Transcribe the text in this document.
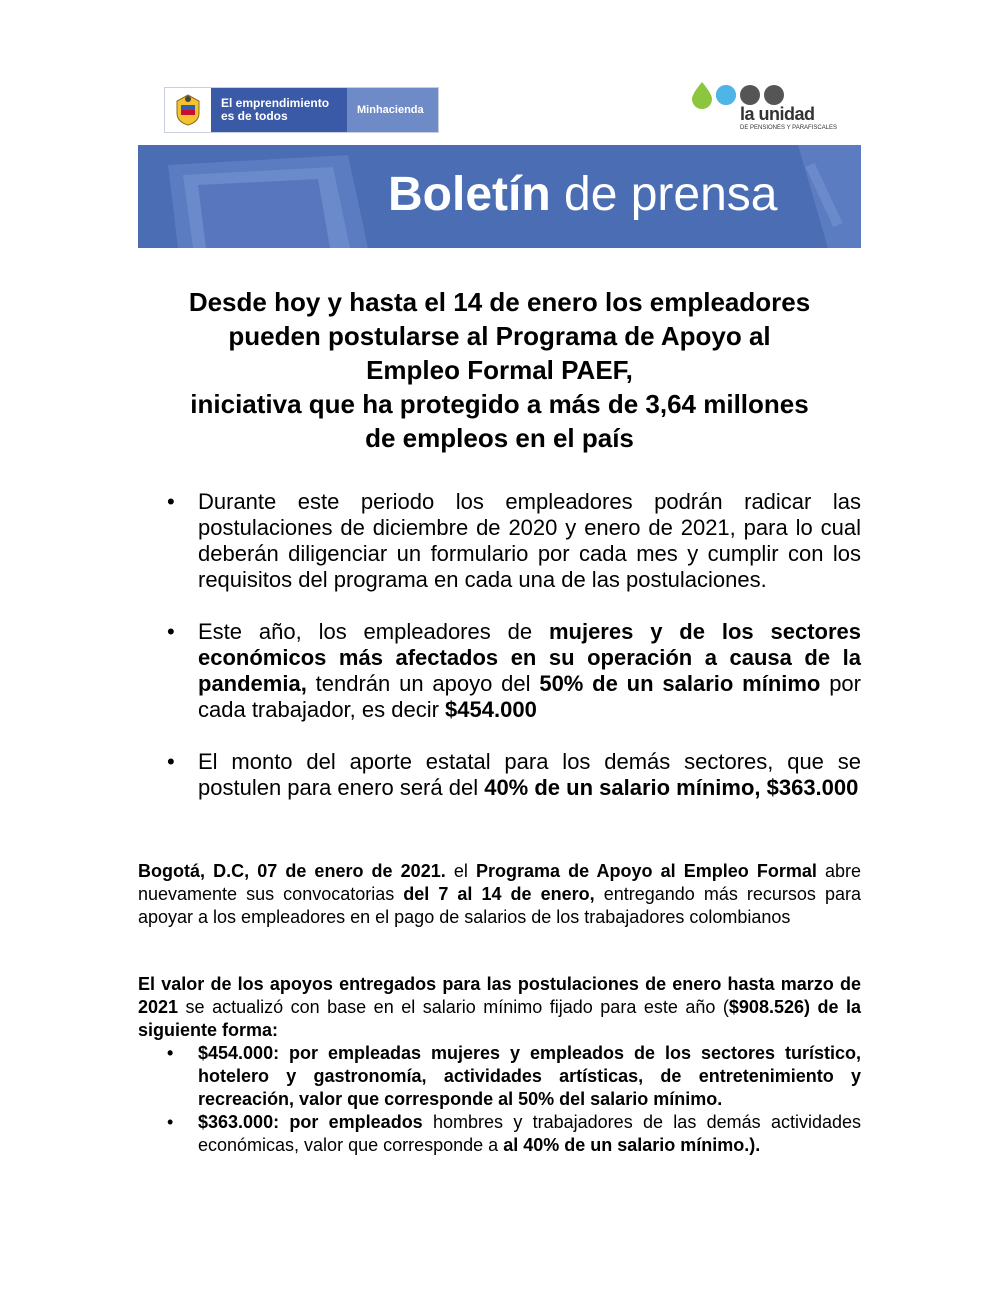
El emprendimiento
es de todos	Minhacienda	la unidad
DE PENSIONES Y PARAFISCALES
Boletín de prensa
Desde hoy y hasta el 14 de enero los empleadores
pueden postularse al Programa de Apoyo al
Empleo Formal PAEF,
iniciativa que ha protegido a más de 3,64 millones
de empleos en el país
• Durante este periodo los empleadores podrán radicar las postulaciones de diciembre de 2020 y enero de 2021, para lo cual deberán diligenciar un formulario por cada mes y cumplir con los requisitos del programa en cada una de las postulaciones.
• Este año, los empleadores de mujeres y de los sectores económicos más afectados en su operación a causa de la pandemia, tendrán un apoyo del 50% de un salario mínimo por cada trabajador, es decir $454.000
• El monto del aporte estatal para los demás sectores, que se postulen para enero será del 40% de un salario mínimo, $363.000

Bogotá, D.C, 07 de enero de 2021. el Programa de Apoyo al Empleo Formal abre nuevamente sus convocatorias del 7 al 14 de enero, entregando más recursos para apoyar a los empleadores en el pago de salarios de los trabajadores colombianos

El valor de los apoyos entregados para las postulaciones de enero hasta marzo de 2021 se actualizó con base en el salario mínimo fijado para este año ($908.526) de la siguiente forma:

• $454.000: por empleadas mujeres y empleados de los sectores turístico, hotelero y gastronomía, actividades artísticas, de entretenimiento y recreación, valor que corresponde al 50% del salario mínimo.
• $363.000: por empleados hombres y trabajadores de las demás actividades económicas, valor que corresponde a al 40% de un salario mínimo.).
